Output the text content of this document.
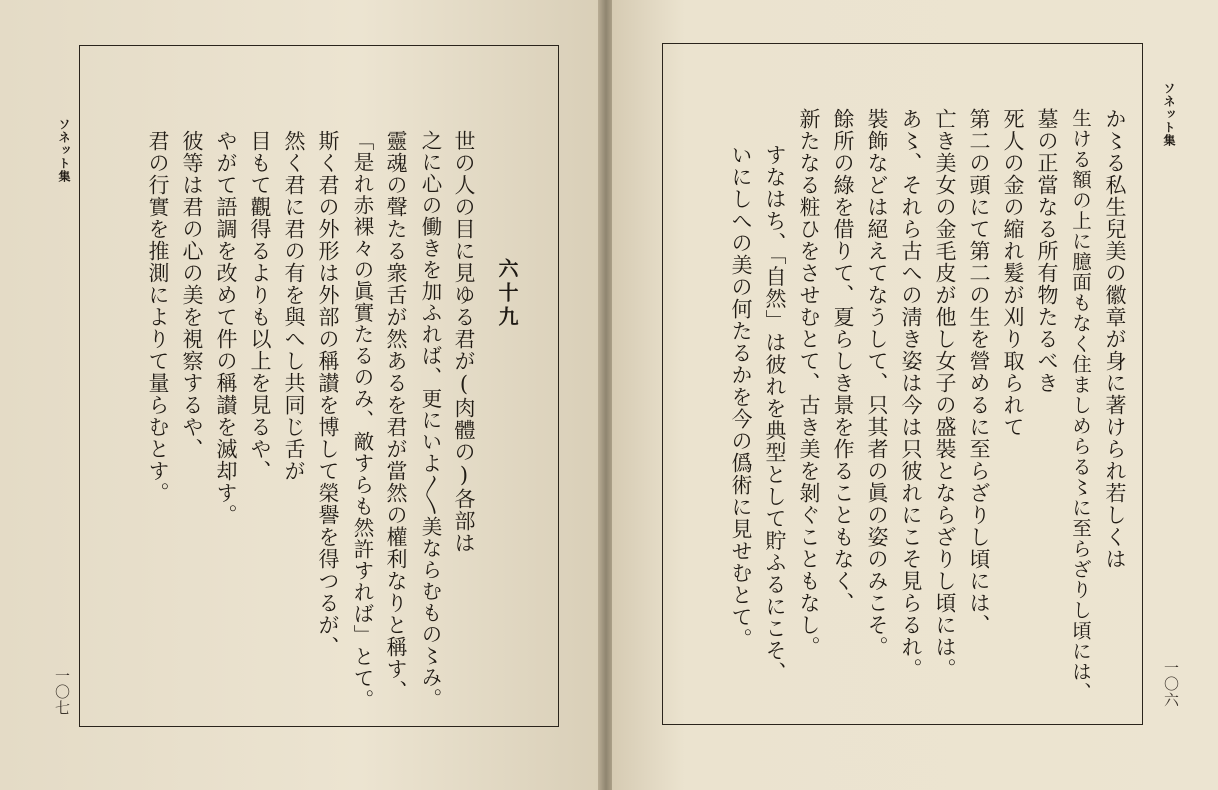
ソネット集
一〇七
六十九
世の人の目に見ゆる君が(肉體の)各部は
之に心の働きを加ふれば、更にいよ〳〵美ならむもの〻み。
靈魂の聲たる衆舌が然あるを君が當然の權利なりと稱す、
「是れ赤裸々の眞實たるのみ、敵すらも然許すれば」とて。
斯く君の外形は外部の稱讃を博して榮譽を得つるが、
然く君に君の有を與へし共同じ舌が
目もて觀得るよりも以上を見るや、
やがて語調を改めて件の稱讃を滅却す。
彼等は君の心の美を視察するや、
君の行實を推測によりて量らむとす。
ソネット集
一〇六
か〻る私生兒美の徽章が身に著けられ若しくは
生ける額の上に臆面もなく住ましめらる〻に至らざりし頃には、
墓の正當なる所有物たるべき
死人の金の縮れ髮が刈り取られて
第二の頭にて第二の生を營めるに至らざりし頃には、
亡き美女の金毛皮が他し女子の盛裝とならざりし頃には。
あ〻、それら古への淸き姿は今は只彼れにこそ見らるれ。
裝飾などは絕えてなうして、只其者の眞の姿のみこそ。
餘所の綠を借りて、夏らしき景を作ることもなく、
新たなる粧ひをさせむとて、古き美を剝ぐこともなし。
すなはち、「自然」は彼れを典型として貯ふるにこそ、
いにしへの美の何たるかを今の僞術に見せむとて。
